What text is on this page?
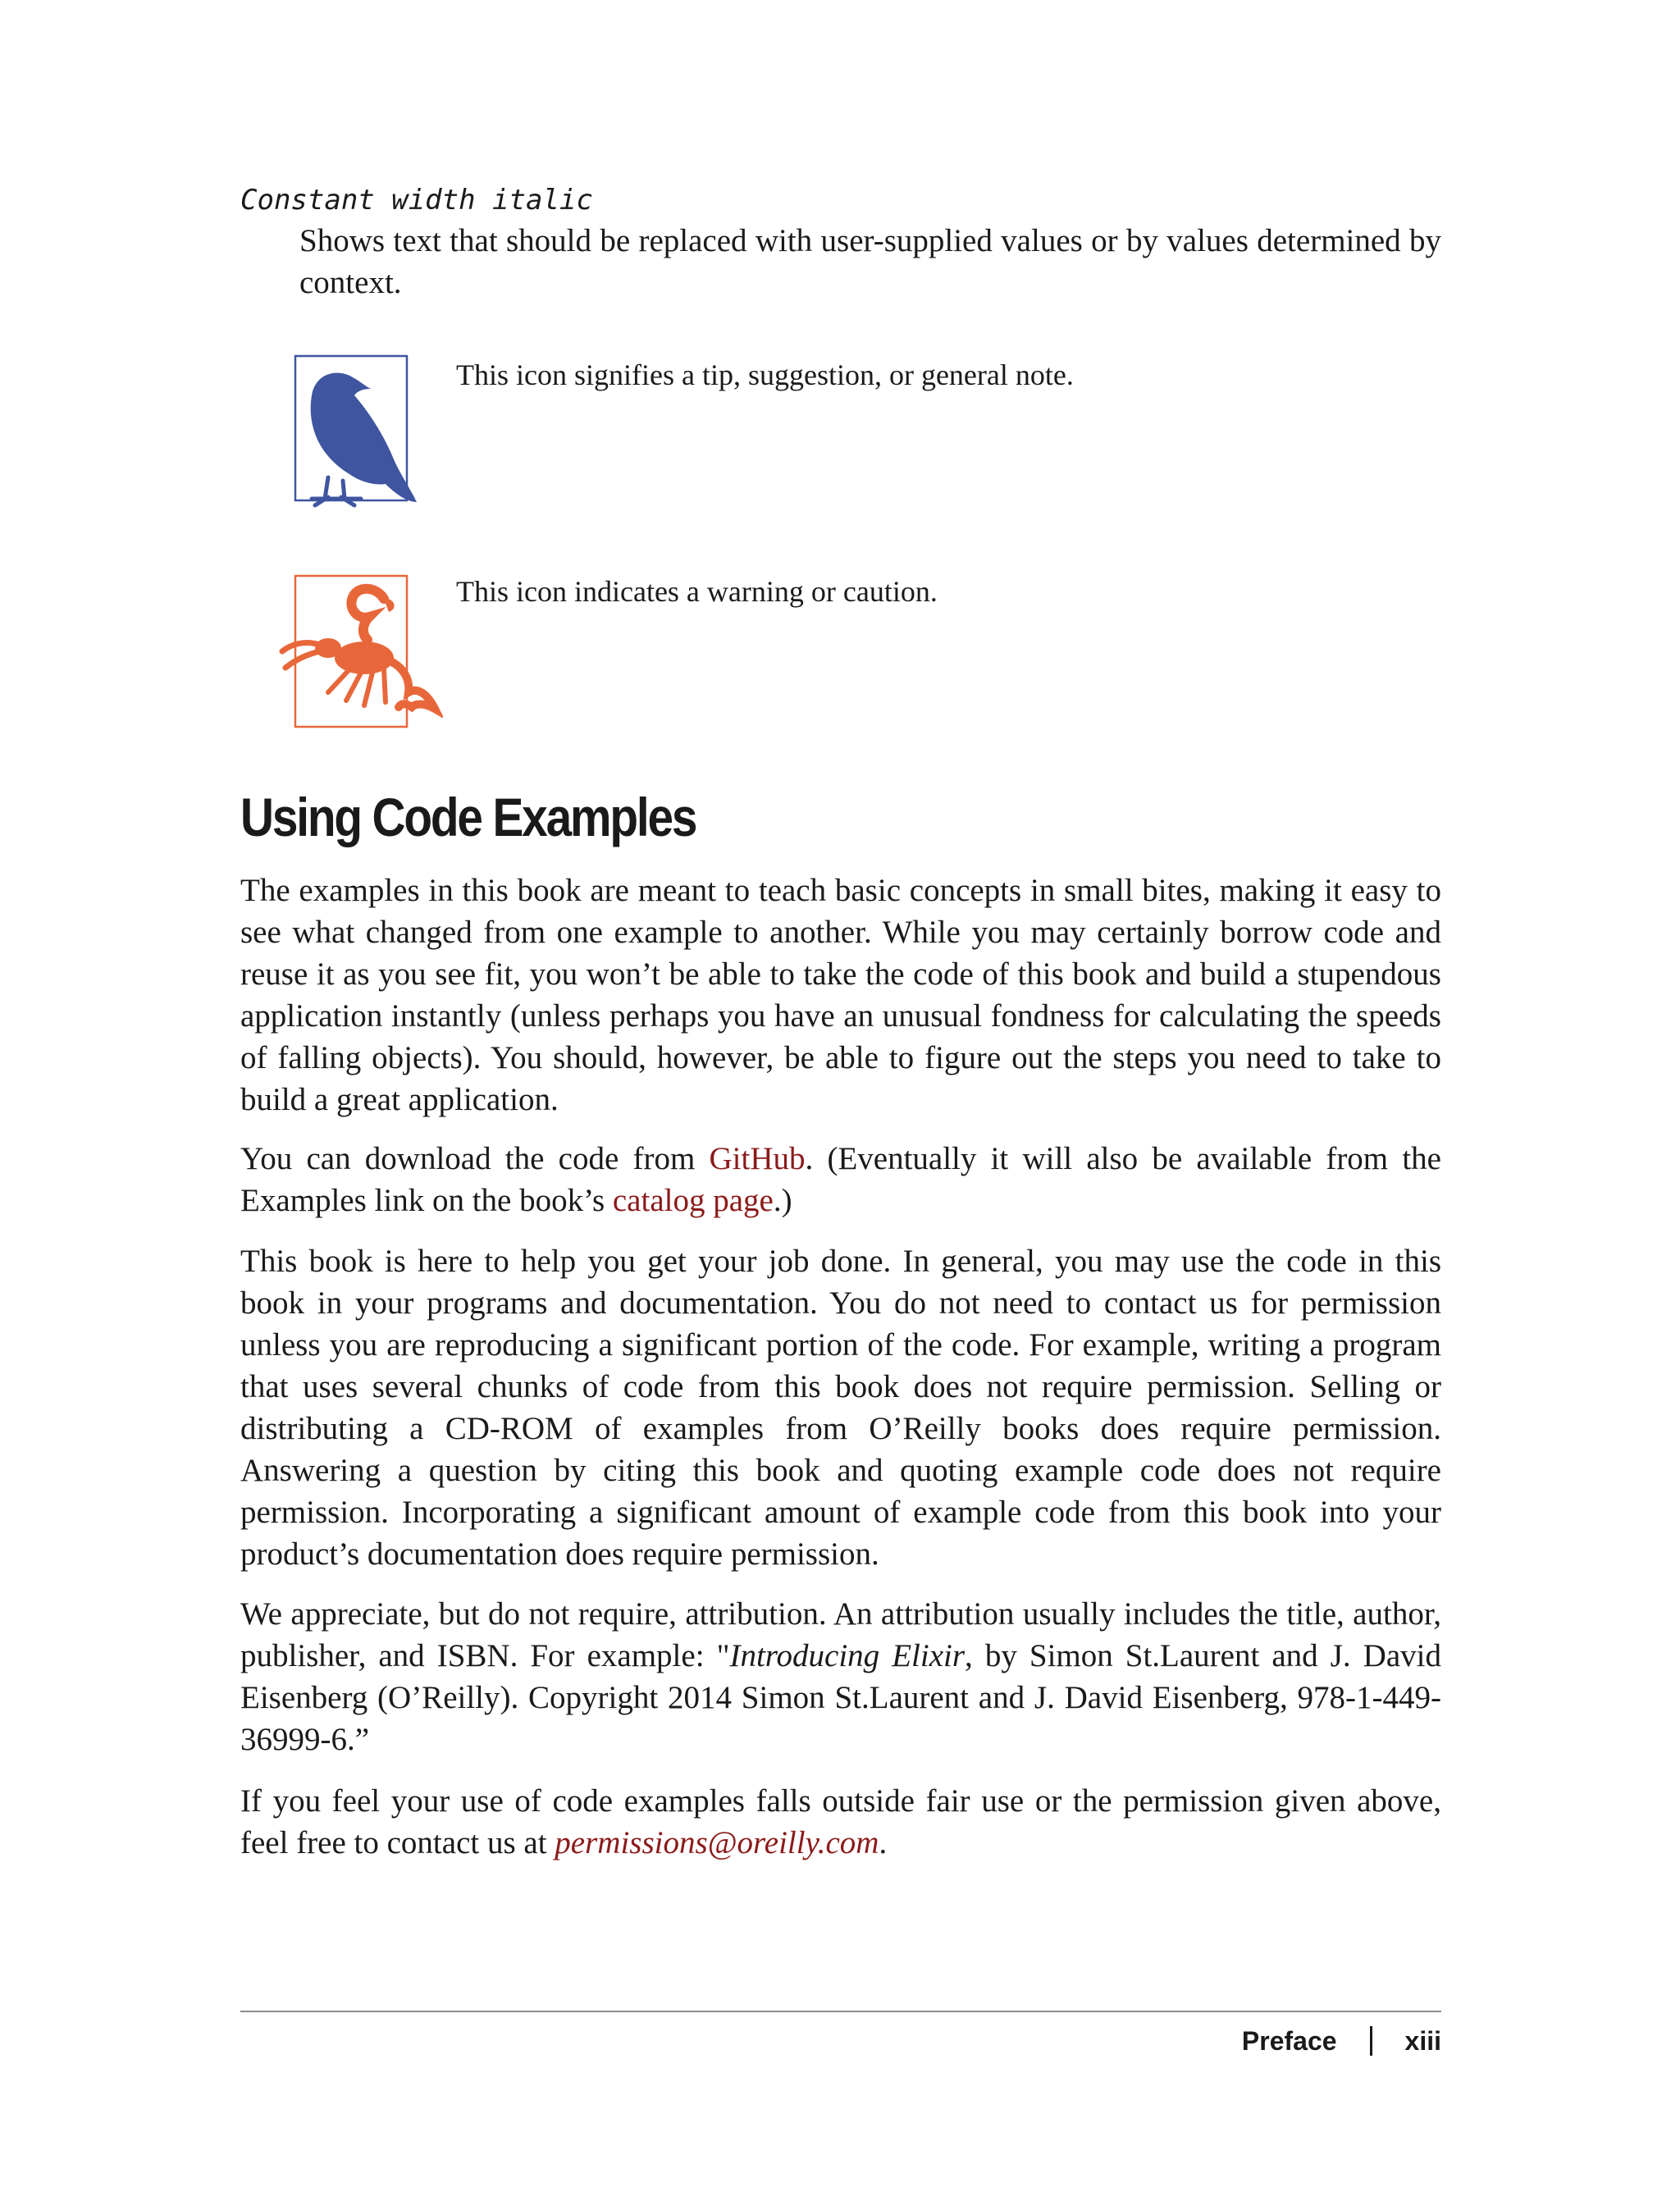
Constant width italic

Shows text that should be replaced with user-supplied values or by values determined by context.

This icon signifies a tip, suggestion, or general note.

This icon indicates a warning or caution.

Using Code Examples

The examples in this book are meant to teach basic concepts in small bites, making it easy to see what changed from one example to another. While you may certainly borrow code and reuse it as you see fit, you won’t be able to take the code of this book and build a stupendous application instantly (unless perhaps you have an unusual fondness for calculating the speeds of falling objects). You should, however, be able to figure out the steps you need to take to build a great application.

You can download the code from GitHub. (Eventually it will also be available from the Examples link on the book’s catalog page.)

This book is here to help you get your job done. In general, you may use the code in this book in your programs and documentation. You do not need to contact us for permission unless you are reproducing a significant portion of the code. For example, writing a program that uses several chunks of code from this book does not require permission. Selling or distributing a CD-ROM of examples from O’Reilly books does require permission. Answering a question by citing this book and quoting example code does not require permission. Incorporating a significant amount of example code from this book into your product’s documentation does require permission.

We appreciate, but do not require, attribution. An attribution usually includes the title, author, publisher, and ISBN. For example: "Introducing Elixir, by Simon St.Laurent and J. David Eisenberg (O’Reilly). Copyright 2014 Simon St.Laurent and J. David Eisenberg, 978-1-449-36999-6.”

If you feel your use of code examples falls outside fair use or the permission given above, feel free to contact us at permissions@oreilly.com.

Preface	xiii
